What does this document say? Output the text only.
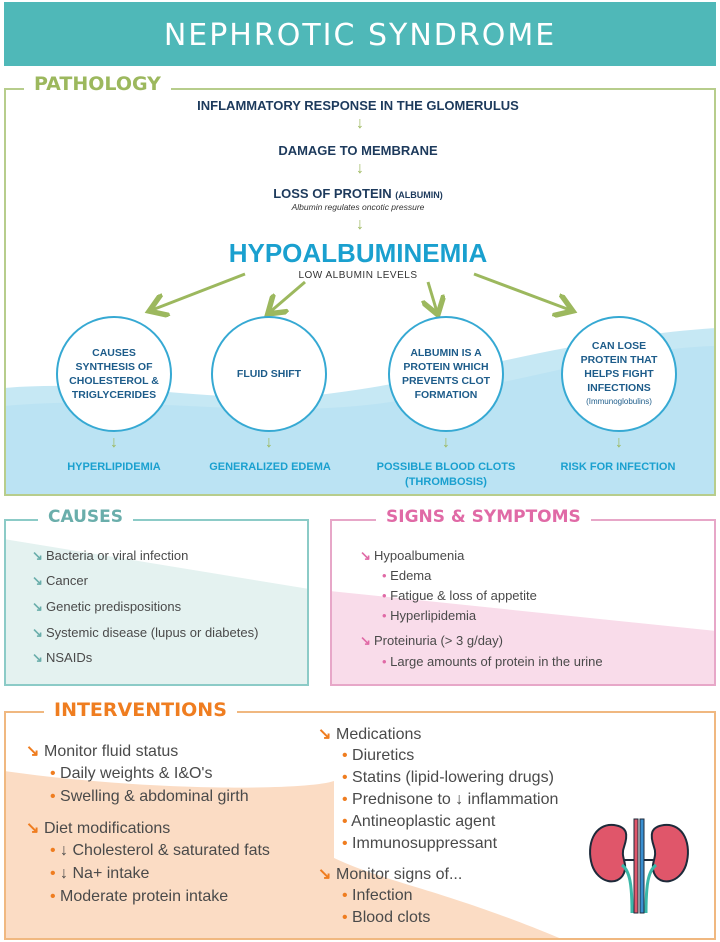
NEPHROTIC SYNDROME
PATHOLOGY
INFLAMMATORY RESPONSE IN THE GLOMERULUS
↓
DAMAGE TO MEMBRANE
↓
LOSS OF PROTEIN (ALBUMIN)
Albumin regulates oncotic pressure
↓
HYPOALBUMINEMIA
LOW ALBUMIN LEVELS
CAUSES SYNTHESIS OF CHOLESTEROL & TRIGLYCERIDES
FLUID SHIFT
ALBUMIN IS A PROTEIN WHICH PREVENTS CLOT FORMATION
CAN LOSE PROTEIN THAT HELPS FIGHT INFECTIONS
(Immunoglobulins)
↓	↓	↓	↓
HYPERLIPIDEMIA	GENERALIZED EDEMA	POSSIBLE BLOOD CLOTS
(THROMBOSIS)
RISK FOR INFECTION
CAUSES
↘ Bacteria or viral infection
↘ Cancer
↘ Genetic predispositions
↘ Systemic disease (lupus or diabetes)
↘ NSAIDs
SIGNS & SYMPTOMS
↘ Hypoalbumenia
• Edema
• Fatigue & loss of appetite
• Hyperlipidemia
↘ Proteinuria (> 3 g/day)
• Large amounts of protein in the urine
INTERVENTIONS
↘ Monitor fluid status
• Daily weights & I&O's
• Swelling & abdominal girth
↘ Diet modifications
• ↓ Cholesterol & saturated fats
• ↓ Na+ intake
• Moderate protein intake
↘ Medications
• Diuretics
• Statins (lipid-lowering drugs)
• Prednisone to ↓ inflammation
• Antineoplastic agent
• Immunosuppressant
↘ Monitor signs of...
• Infection
• Blood clots
